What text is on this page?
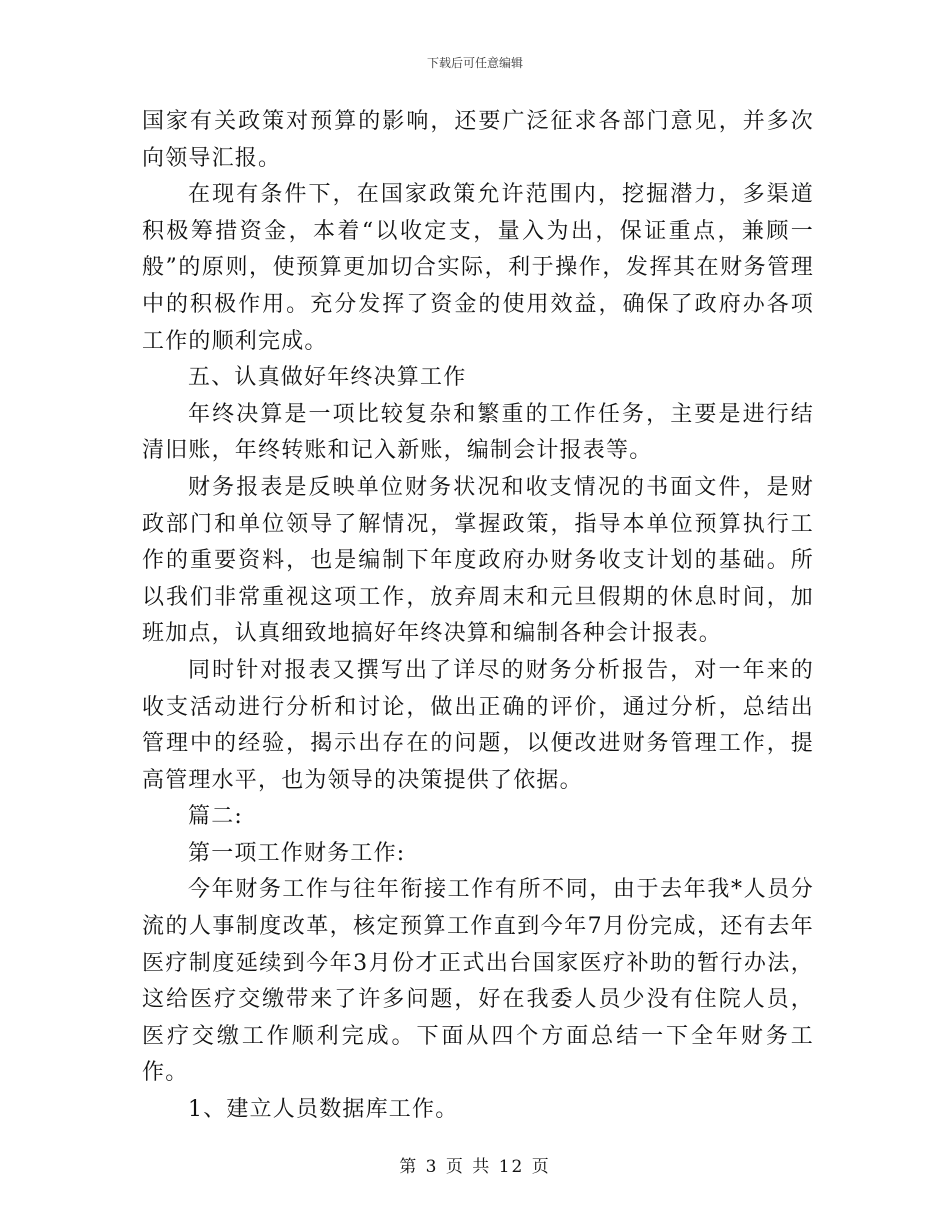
下载后可任意编辑

国家有关政策对预算的影响，还要广泛征求各部门意见，并多次向领导汇报。

在现有条件下，在国家政策允许范围内，挖掘潜力，多渠道积极筹措资金，本着“以收定支，量入为出，保证重点，兼顾一般”的原则，使预算更加切合实际，利于操作，发挥其在财务管理中的积极作用。充分发挥了资金的使用效益，确保了政府办各项工作的顺利完成。

五、认真做好年终决算工作

年终决算是一项比较复杂和繁重的工作任务，主要是进行结清旧账，年终转账和记入新账，编制会计报表等。

财务报表是反映单位财务状况和收支情况的书面文件，是财政部门和单位领导了解情况，掌握政策，指导本单位预算执行工作的重要资料，也是编制下年度政府办财务收支计划的基础。所以我们非常重视这项工作，放弃周末和元旦假期的休息时间，加班加点，认真细致地搞好年终决算和编制各种会计报表。

同时针对报表又撰写出了详尽的财务分析报告，对一年来的收支活动进行分析和讨论，做出正确的评价，通过分析，总结出管理中的经验，揭示出存在的问题，以便改进财务管理工作，提高管理水平，也为领导的决策提供了依据。

篇二:

第一项工作财务工作:

今年财务工作与往年衔接工作有所不同，由于去年我*人员分流的人事制度改革，核定预算工作直到今年7月份完成，还有去年医疗制度延续到今年3月份才正式出台国家医疗补助的暂行办法，这给医疗交缴带来了许多问题，好在我委人员少没有住院人员，医疗交缴工作顺利完成。下面从四个方面总结一下全年财务工作。

1、建立人员数据库工作。

第 3 页 共 12 页
